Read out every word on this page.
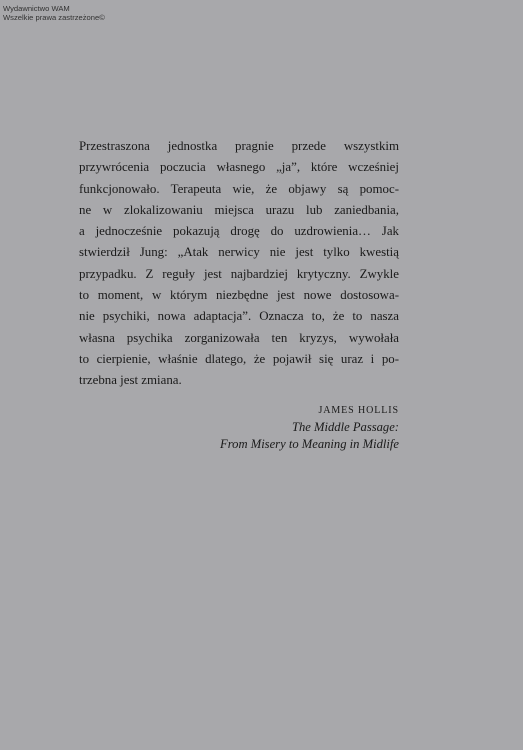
Wydawnictwo WAM
Wszelkie prawa zastrzeżone©
Przestraszona jednostka pragnie przede wszystkim
przywrócenia poczucia własnego „ja”, które wcześniej
funkcjonowało. Terapeuta wie, że objawy są pomoc-
ne w zlokalizowaniu miejsca urazu lub zaniedbania,
a jednocześnie pokazują drogę do uzdrowienia… Jak
stwierdził Jung: „Atak nerwicy nie jest tylko kwestią
przypadku. Z reguły jest najbardziej krytyczny. Zwykle
to moment, w którym niezbędne jest nowe dostosowa-
nie psychiki, nowa adaptacja”. Oznacza to, że to nasza
własna psychika zorganizowała ten kryzys, wywołała
to cierpienie, właśnie dlatego, że pojawił się uraz i po-
trzebna jest zmiana.
JAMES HOLLIS
The Middle Passage:
From Misery to Meaning in Midlife
